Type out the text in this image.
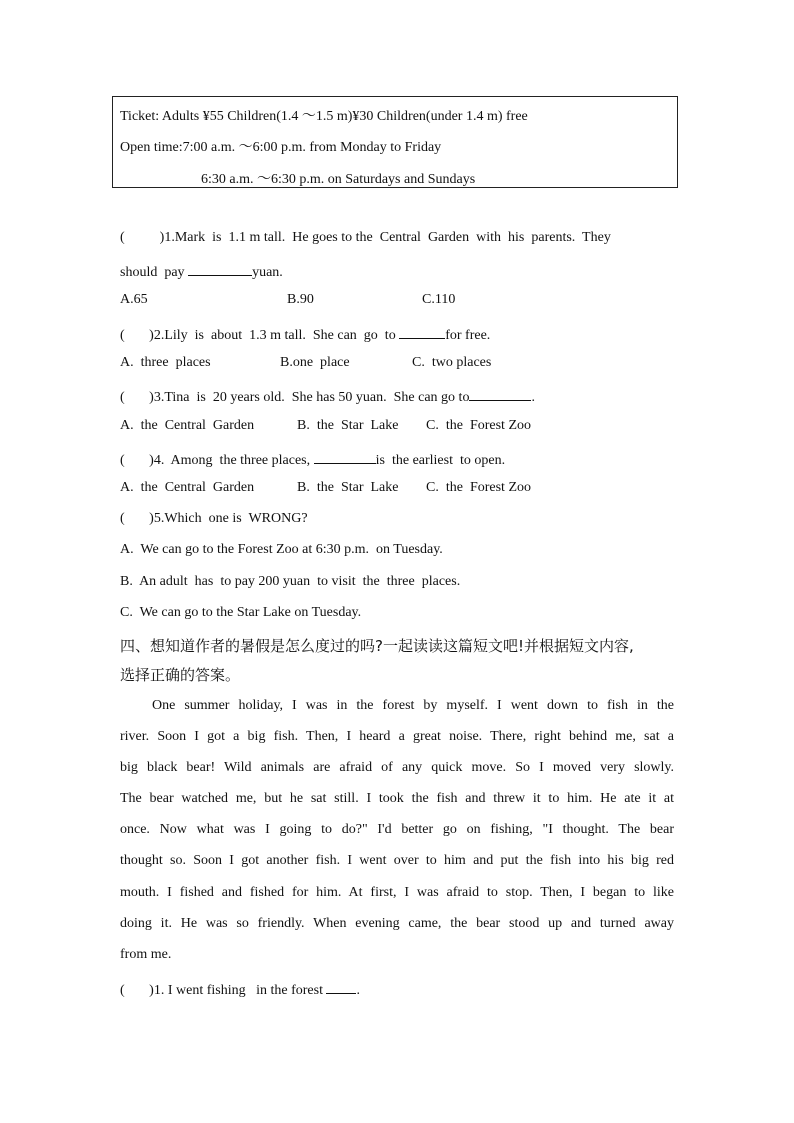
Ticket: Adults ¥55 Children(1.4 ～1.5 m)¥30 Children(under 1.4 m) free
Open time:7:00 a.m. ～6:00 p.m. from Monday to Friday
6:30 a.m. ～6:30 p.m. on Saturdays and Sundays
(          )1.Mark  is  1.1 m tall.  He goes to the  Central  Garden  with  his  parents.  They
should  pay	yuan.
A.65	B.90	C.110
(       )2.Lily  is  about  1.3 m tall.  She can  go  to	for free.
A.  three  places	B.one  place	C.  two places
(       )3.Tina  is  20 years old.  She has 50 yuan.  She can go to	.
A.  the  Central  Garden	B.  the  Star  Lake C.  the  Forest Zoo
(       )4.  Among  the three places,	is  the earliest  to open.
A.  the  Central  Garden	B.  the  Star  Lake C.  the  Forest Zoo
(       )5.Which  one is  WRONG?
A.  We can go to the Forest Zoo at 6:30 p.m.  on Tuesday.
B.  An adult  has  to pay 200 yuan  to visit  the  three  places.
C.  We can go to the Star Lake on Tuesday.
四、想知道作者的暑假是怎么度过的吗?一起读读这篇短文吧!并根据短文内容,
选择正确的答案。
One summer holiday, I was in the forest by myself. I went down to fish in the
river. Soon I got a big fish. Then, I heard a great noise. There, right behind me, sat a
big black bear! Wild animals are afraid of any quick move. So I moved very slowly.
The bear watched me, but he sat still. I took the fish and threw it to him. He ate it at
once. Now what was I going to do?" I'd better go on fishing, "I thought. The bear
thought so. Soon I got another fish. I went over to him and put the fish into his big red
mouth. I fished and fished for him. At first, I was afraid to stop. Then, I began to like
doing it. He was so friendly. When evening came, the bear stood up and turned away
from me.
(       )1. I went fishing   in the forest .
